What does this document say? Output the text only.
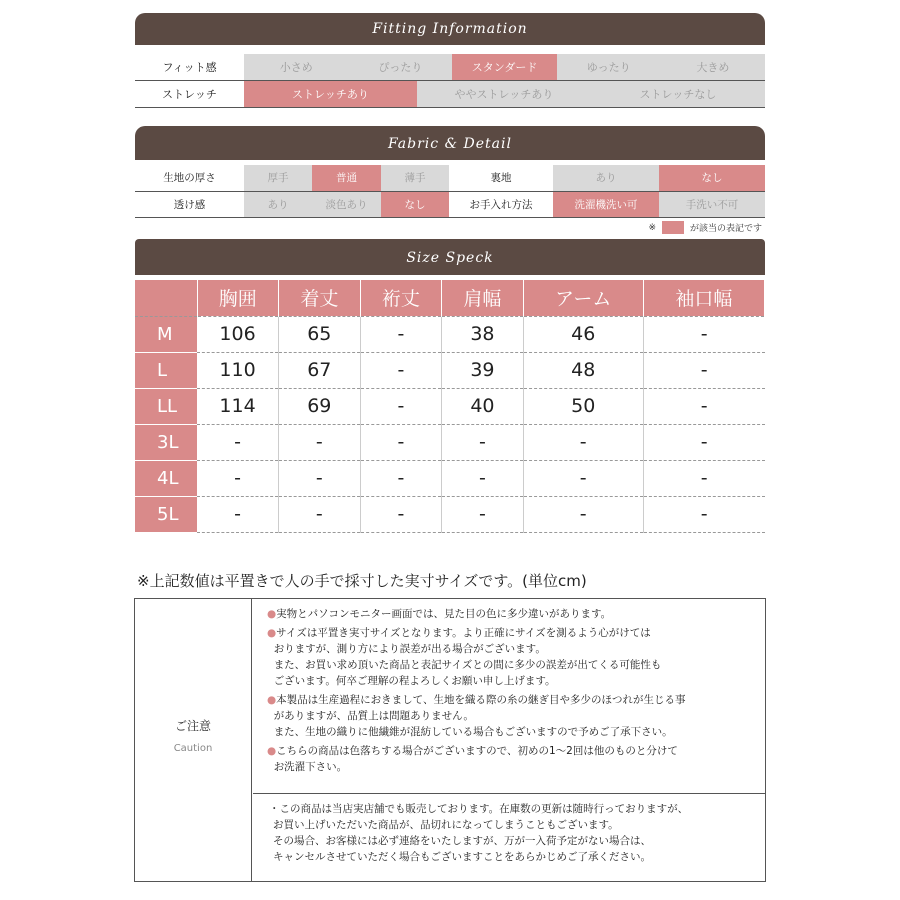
Fitting Information
フィット感	小さめ	ぴったり	スタンダード	ゆったり	大きめ
ストレッチ	ストレッチあり	ややストレッチあり	ストレッチなし
Fabric & Detail
生地の厚さ	厚手	普通	薄手	裏地	あり	なし
透け感	あり	淡色あり	なし	お手入れ方法	洗濯機洗い可	手洗い不可
※	が該当の表記です
Size Speck
	胸囲	着丈	裄丈	肩幅	アーム	袖口幅
M	106	65	-	38	46	-
L	110	67	-	39	48	-
LL	114	69	-	40	50	-
3L	-	-	-	-	-	-
4L	-	-	-	-	-	-
5L	-	-	-	-	-	-
※上記数値は平置きで人の手で採寸した実寸サイズです。(単位cm)
ご注意
Caution

●実物とパソコンモニター画面では、見た目の色に多少違いがあります。

●サイズは平置き実寸サイズとなります。より正確にサイズを測るよう心がけては
おりますが、測り方により誤差が出る場合がございます。
また、お買い求め頂いた商品と表記サイズとの間に多少の誤差が出てくる可能性も
ございます。何卒ご理解の程よろしくお願い申し上げます。

●本製品は生産過程におきまして、生地を織る際の糸の継ぎ目や多少のほつれが生じる事
がありますが、品質上は問題ありません。
また、生地の織りに他繊維が混紡している場合もございますので予めご了承下さい。

●こちらの商品は色落ちする場合がございますので、初めの1〜2回は他のものと分けて
お洗濯下さい。

・この商品は当店実店舗でも販売しております。在庫数の更新は随時行っておりますが、
お買い上げいただいた商品が、品切れになってしまうこともございます。
その場合、お客様には必ず連絡をいたしますが、万が一入荷予定がない場合は、
キャンセルさせていただく場合もございますことをあらかじめご了承ください。
